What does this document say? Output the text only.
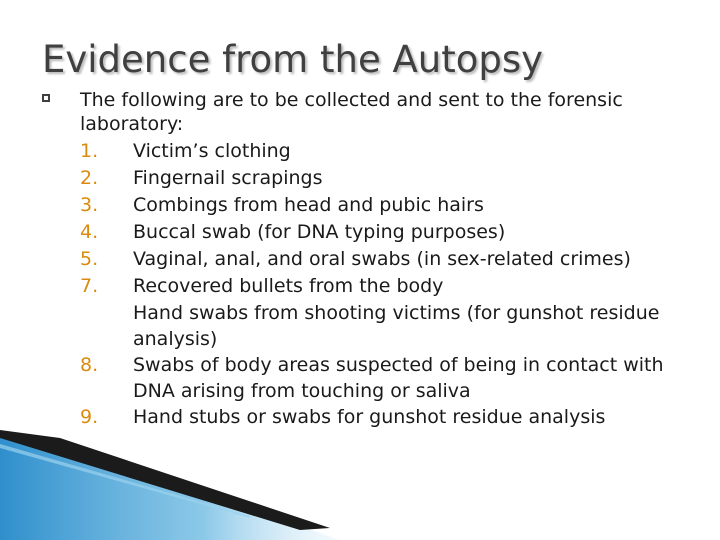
Evidence from the Autopsy

The following are to be collected and sent to the forensic laboratory:

1.	Victim’s clothing
2.	Fingernail scrapings
3.	Combings from head and pubic hairs
4.	Buccal swab (for DNA typing purposes)
5.	Vaginal, anal, and oral swabs (in sex-related crimes)
7.	Recovered bullets from the body
Hand swabs from shooting victims (for gunshot residue analysis)
8.	Swabs of body areas suspected of being in contact with DNA arising from touching or saliva
9.	Hand stubs or swabs for gunshot residue analysis
